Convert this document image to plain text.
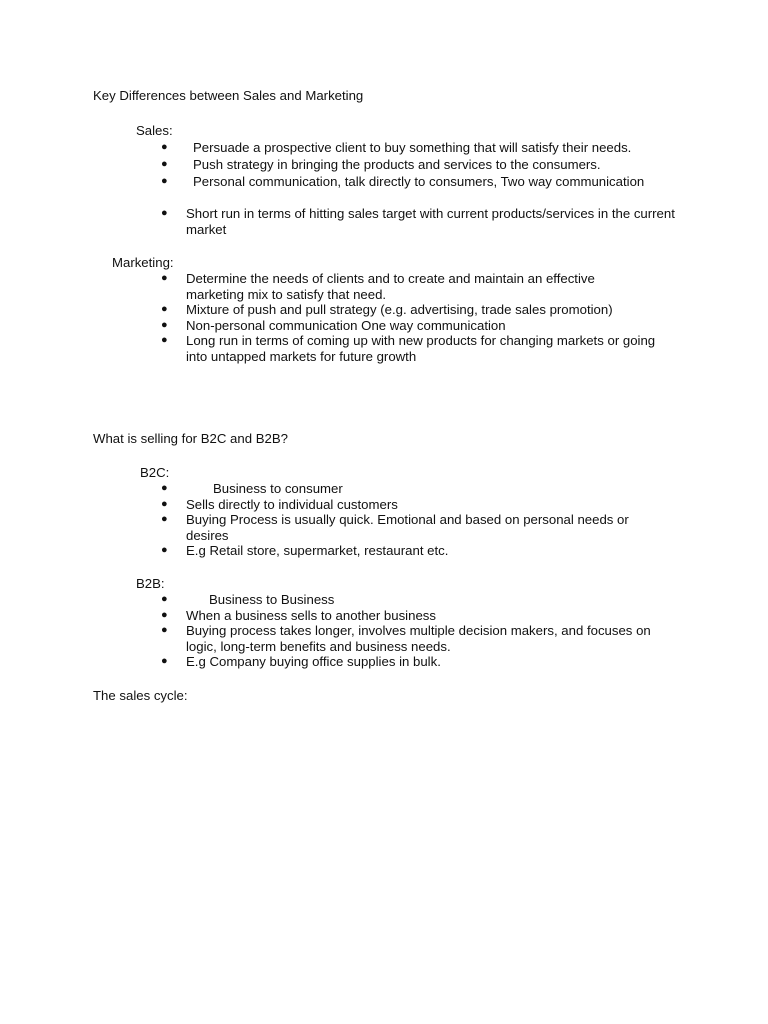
Key Differences between Sales and Marketing
Sales:
● Persuade a prospective client to buy something that will satisfy their needs.
● Push strategy in bringing the products and services to the consumers.
● Personal communication, talk directly to consumers, Two way communication
● Short run in terms of hitting sales target with current products/services in the current market
Marketing:
● Determine the needs of clients and to create and maintain an effective marketing mix to satisfy that need.
● Mixture of push and pull strategy (e.g. advertising, trade sales promotion)
● Non-personal communication One way communication
● Long run in terms of coming up with new products for changing markets or going into untapped markets for future growth
What is selling for B2C and B2B?
B2C:
● Business to consumer
● Sells directly to individual customers
● Buying Process is usually quick. Emotional and based on personal needs or desires
● E.g Retail store, supermarket, restaurant etc.
B2B:
● Business to Business
● When a business sells to another business
● Buying process takes longer, involves multiple decision makers, and focuses on logic, long-term benefits and business needs.
● E.g Company buying office supplies in bulk.
The sales cycle:
